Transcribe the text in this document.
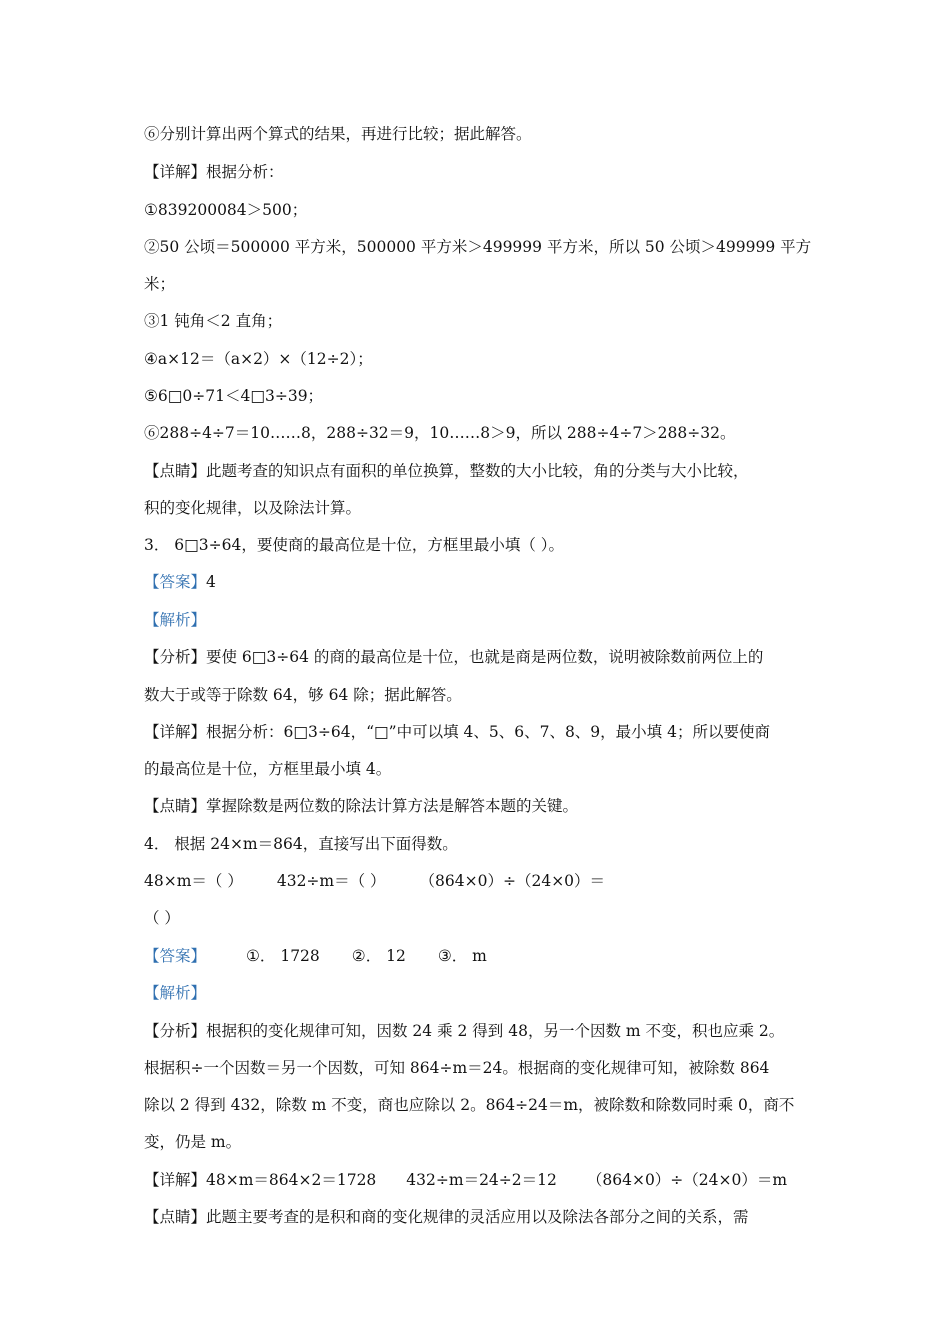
⑥分别计算出两个算式的结果，再进行比较；据此解答。
【详解】根据分析：
①839200084＞500；
②50 公顷＝500000 平方米，500000 平方米＞499999 平方米，所以 50 公顷＞499999 平方
米；
③1 钝角＜2 直角；
④a×12＝（a×2）×（12÷2）；
⑤6□0÷71＜4□3÷39；
⑥288÷4÷7＝10……8，288÷32＝9，10……8＞9，所以 288÷4÷7＞288÷32。
【点睛】此题考查的知识点有面积的单位换算，整数的大小比较，角的分类与大小比较，
积的变化规律，以及除法计算。
3． 6□3÷64，要使商的最高位是十位，方框里最小填（ ）。
【答案】4
【解析】
【分析】要使 6□3÷64 的商的最高位是十位，也就是商是两位数，说明被除数前两位上的
数大于或等于除数 64，够 64 除；据此解答。
【详解】根据分析：6□3÷64，“□”中可以填 4、5、6、7、8、9，最小填 4；所以要使商
的最高位是十位，方框里最小填 4。
【点睛】掌握除数是两位数的除法计算方法是解答本题的关键。
4． 根据 24×m＝864，直接写出下面得数。
48×m＝（ ） 432÷m＝（ ） （864×0）÷（24×0）＝
（ ）
【答案】	①． 1728 ②． 12 ③． m
【解析】
【分析】根据积的变化规律可知，因数 24 乘 2 得到 48，另一个因数 m 不变，积也应乘 2。
根据积÷一个因数＝另一个因数，可知 864÷m＝24。根据商的变化规律可知，被除数 864
除以 2 得到 432，除数 m 不变，商也应除以 2。864÷24＝m，被除数和除数同时乘 0，商不
变，仍是 m。
【详解】48×m＝864×2＝1728 432÷m＝24÷2＝12 （864×0）÷（24×0）＝m
【点睛】此题主要考查的是积和商的变化规律的灵活应用以及除法各部分之间的关系，需
